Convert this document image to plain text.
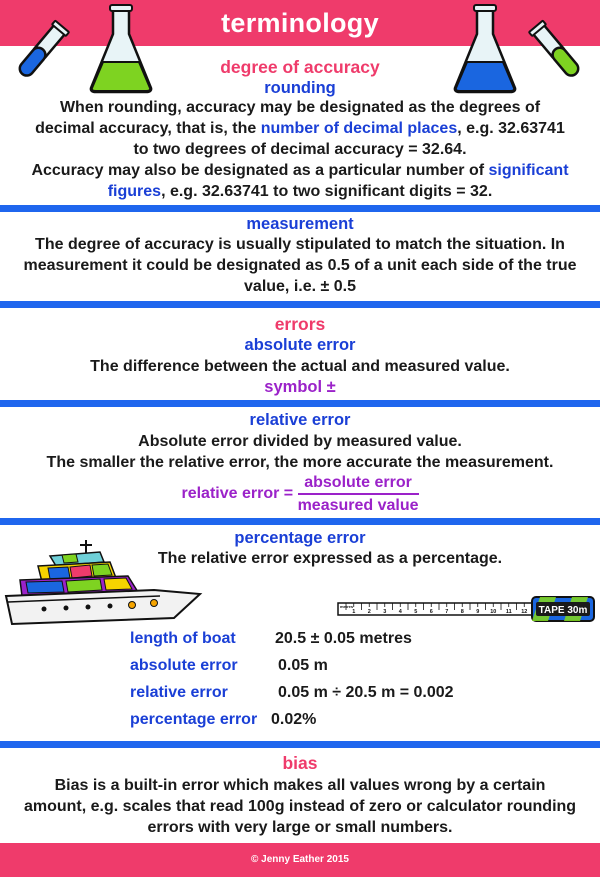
terminology
degree of accuracy
rounding
When rounding, accuracy may be designated as the degrees of decimal accuracy, that is, the number of decimal places, e.g. 32.63741 to two degrees of decimal accuracy = 32.64.
Accuracy may also be designated as a particular number of significant figures, e.g. 32.63741 to two significant digits = 32.
measurement
The degree of accuracy is usually stipulated to match the situation. In measurement it could be designated as 0.5 of a unit each side of the true value, i.e. ± 0.5
errors
absolute error
The difference between the actual and measured value.
symbol ±
relative error
Absolute error divided by measured value.
The smaller the relative error, the more accurate the measurement.
relative error = $\frac{\text{absolute error}}{\text{measured value}}$
percentage error
The relative error expressed as a percentage.
1 2 3 4 5 6 7 8 9 10 11 12
metres	TAPE 30m
length of boat 20.5 ± 0.05 metres
absolute error	0.05 m
relative error	0.05 m ÷ 20.5 m = 0.002
percentage error 0.02%
bias
Bias is a built-in error which makes all values wrong by a certain amount, e.g. scales that read 100g instead of zero or calculator rounding errors with very large or small numbers.
© Jenny Eather 2015
